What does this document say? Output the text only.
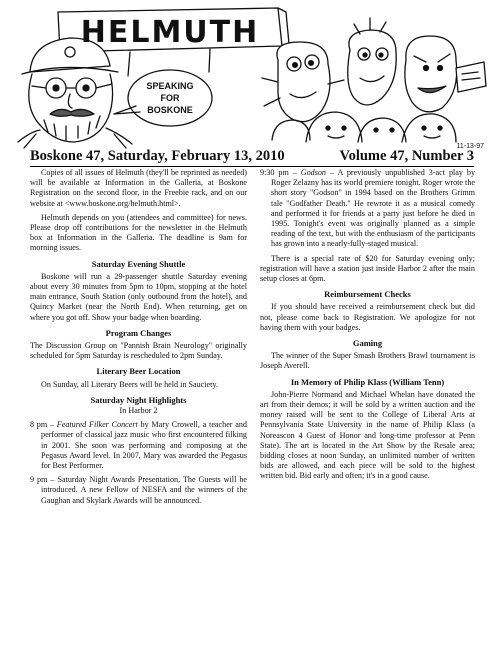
HELMUTH
SPEAKING
FOR
BOSKONE
11-13-97
Boskone 47, Saturday, February 13, 2010	Volume 47, Number 3

Copies of all issues of Helmuth (they'll be reprinted as needed) will be available at Information in the Galleria, at Boskone Registration on the second floor, in the Freebie rack, and on our website at <www.boskone.org/helmuth.html>.

Helmuth depends on you (attendees and committee) for news. Please drop off contributions for the newsletter in the Helmuth box at Information in the Galleria. The deadline is 9am for morning issues.

Saturday Evening Shuttle

Boskone will run a 29-passenger shuttle Saturday evening about every 30 minutes from 5pm to 10pm, stopping at the hotel main entrance, South Station (only outbound from the hotel), and Quincy Market (near the North End). When returning, get on where you got off. Show your badge when boarding.

Program Changes

The Discussion Group on "Pannish Brain Neurology" originally scheduled for 5pm Saturday is rescheduled to 2pm Sunday.

Literary Beer Location

On Sunday, all Literary Beers will be held in Sauciety.

Saturday Night Highlights
In Harbor 2

8 pm – Featured Filker Concert by Mary Crowell, a teacher and performer of classical jazz music who first encountered filking in 2001. She soon was performing and composing at the Pegasus Award level. In 2007, Mary was awarded the Pegasus for Best Performer.

9 pm – Saturday Night Awards Presentation, The Guests will be introduced. A new Fellow of NESFA and the winners of the Gaughan and Skylark Awards will be announced.

9:30 pm – Godson – A previously unpublished 3-act play by Roger Zelazny has its world premiere tonight. Roger wrote the short story "Godson" in 1994 based on the Brothers Grimm tale "Godfather Death." He rewrote it as a musical comedy and performed it for friends at a party just before he died in 1995. Tonight's event was originally planned as a simple reading of the text, but with the enthusiasm of the participants has grown into a nearly-fully-staged musical.

There is a special rate of $20 for Saturday evening only; registration will have a station just inside Harbor 2 after the main setup closes at 6pm.

Reimbursement Checks

If you should have received a reimbursement check but did not, please come back to Registration. We apologize for not having them with your badges.

Gaming

The winner of the Super Smash Brothers Brawl tournament is Joseph Averell.

In Memory of Philip Klass (William Tenn)

John-Pierre Normand and Michael Whelan have donated the art from their demos; it will be sold by a written auction and the money raised will be sent to the College of Liberal Arts at Pennsylvania State University in the name of Philip Klass (a Noreascon 4 Guest of Honor and long-time professor at Penn State). The art is located in the Art Show by the Resale area; bidding closes at noon Sunday, an unlimited number of written bids are allowed, and each piece will be sold to the highest written bid. Bid early and often; it's in a good cause.
